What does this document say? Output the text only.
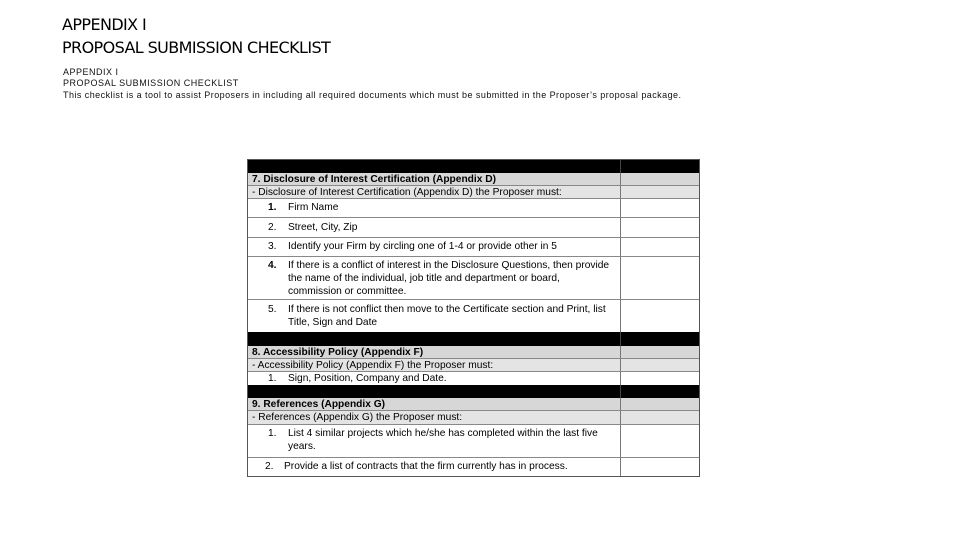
APPENDIX I
PROPOSAL SUBMISSION CHECKLIST
APPENDIX I
PROPOSAL SUBMISSION CHECKLIST
This checklist is a tool to assist Proposers in including all required documents which must be submitted in the Proposer’s proposal package.
7. Disclosure of Interest Certification (Appendix D)
- Disclosure of Interest Certification (Appendix D) the Proposer must:
1. Firm Name
2. Street, City, Zip
3. Identify your Firm by circling one of 1-4 or provide other in 5
4. If there is a conflict of interest in the Disclosure Questions, then provide the name of the individual, job title and department or board, commission or committee.
5. If there is not conflict then move to the Certificate section and Print, list Title, Sign and Date
8. Accessibility Policy (Appendix F)
- Accessibility Policy (Appendix F) the Proposer must:
1. Sign, Position, Company and Date.
9. References (Appendix G)
- References (Appendix G) the Proposer must:
1. List 4 similar projects which he/she has completed within the last five years.
2. Provide a list of contracts that the firm currently has in process.
